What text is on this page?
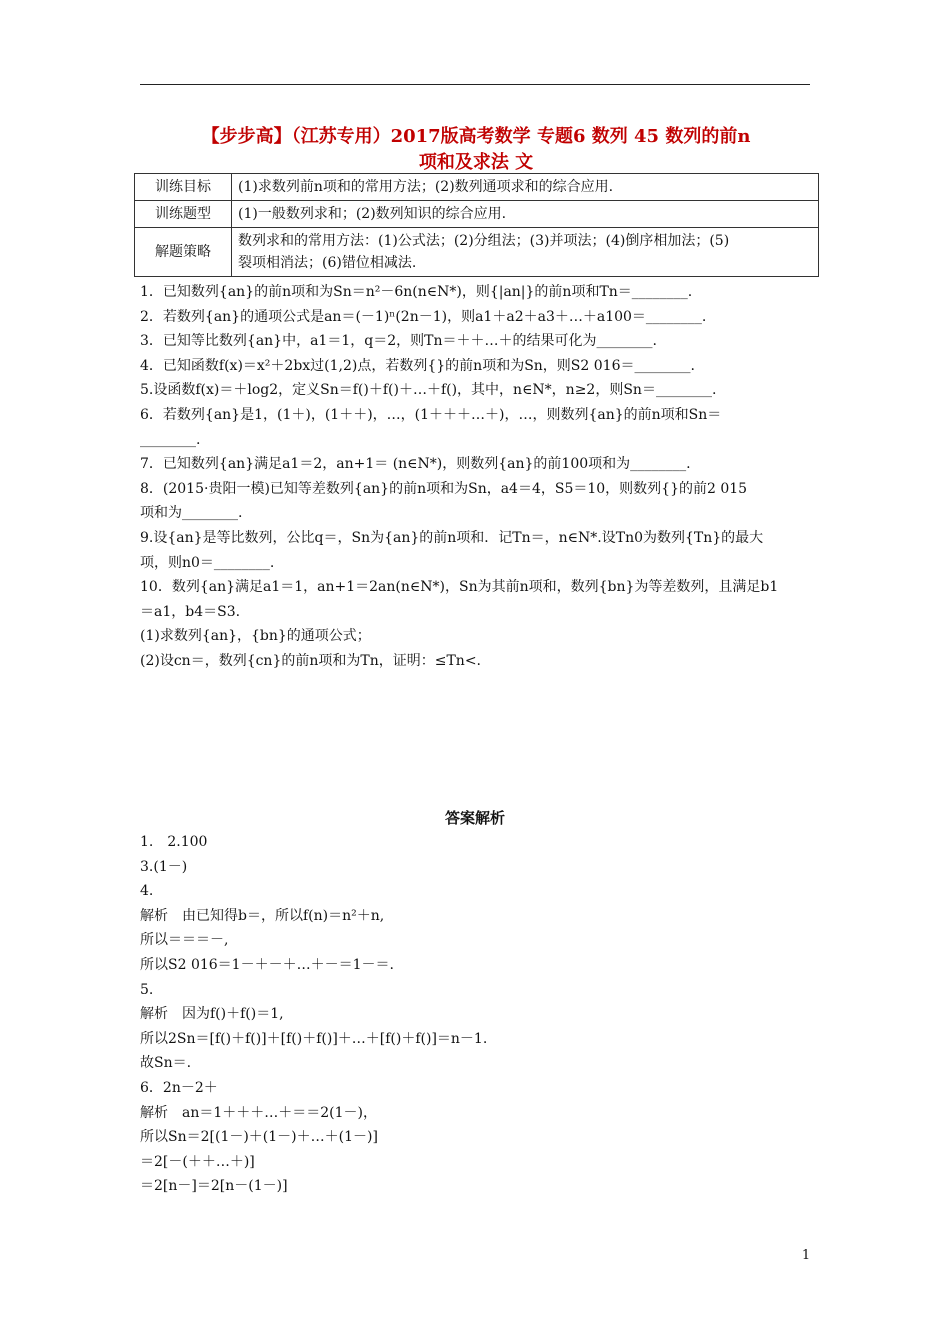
【步步高】（江苏专用）2017版高考数学 专题6 数列 45 数列的前n
项和及求法 文
训练目标	(1)求数列前n项和的常用方法；(2)数列通项求和的综合应用.
训练题型	(1)一般数列求和；(2)数列知识的综合应用.
解题策略	数列求和的常用方法：(1)公式法；(2)分组法；(3)并项法；(4)倒序相加法；(5)
裂项相消法；(6)错位相减法.
1．已知数列{an}的前n项和为Sn＝n²－6n(n∈N*)，则{|an|}的前n项和Tn＝________.
2．若数列{an}的通项公式是an＝(－1)ⁿ(2n－1)，则a1＋a2＋a3＋…＋a100＝________.
3．已知等比数列{an}中，a1＝1，q＝2，则Tn＝＋＋…＋的结果可化为________.
4．已知函数f(x)＝x²＋2bx过(1,2)点，若数列{}的前n项和为Sn，则S2 016＝________.
5.设函数f(x)＝＋log2，定义Sn＝f()＋f()＋…＋f()，其中，n∈N*，n≥2，则Sn＝________.
6．若数列{an}是1，(1＋)，(1＋＋)，…，(1＋＋＋…＋)，…，则数列{an}的前n项和Sn＝
________.
7．已知数列{an}满足a1＝2，an+1＝ (n∈N*)，则数列{an}的前100项和为________.
8．(2015·贵阳一模)已知等差数列{an}的前n项和为Sn，a4＝4，S5＝10，则数列{}的前2 015
项和为________.
9.设{an}是等比数列，公比q＝，Sn为{an}的前n项和．记Tn＝，n∈N*.设Tn0为数列{Tn}的最大
项，则n0＝________.
10．数列{an}满足a1＝1，an+1＝2an(n∈N*)，Sn为其前n项和，数列{bn}为等差数列，且满足b1
＝a1，b4＝S3.
(1)求数列{an}，{bn}的通项公式；
(2)设cn＝，数列{cn}的前n项和为Tn，证明：≤Tn<.
答案解析
1.　2.100
3.(1－)
4.
解析　由已知得b＝，所以f(n)＝n²＋n,
所以＝＝＝－,
所以S2 016＝1－＋－＋…＋－＝1－＝.
5.
解析　因为f()＋f()＝1,
所以2Sn＝[f()＋f()]＋[f()＋f()]＋…＋[f()＋f()]＝n－1.
故Sn＝.
6．2n－2＋
解析　an＝1＋＋＋…＋＝＝2(1－)，
所以Sn＝2[(1－)＋(1－)＋…＋(1－)]
＝2[－(＋＋…＋)]
＝2[n－]＝2[n－(1－)]
1
